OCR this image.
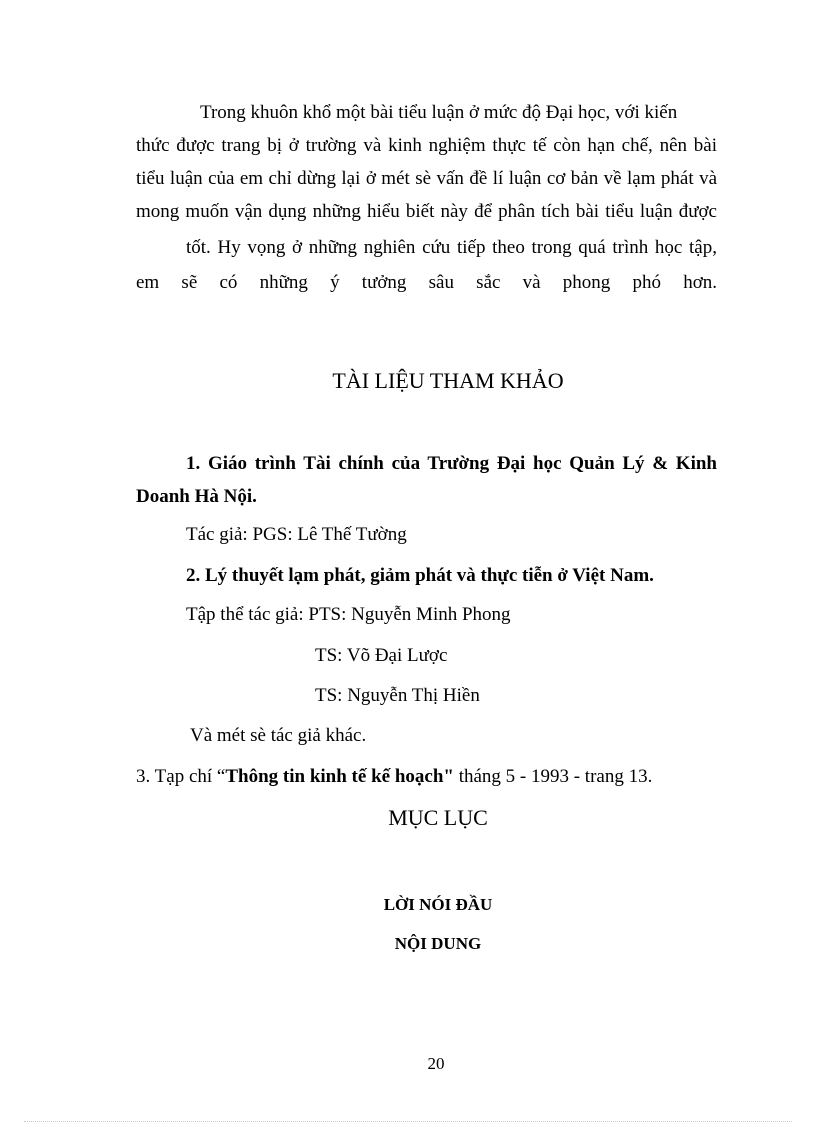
Trong khuôn khổ một bài tiểu luận ở mức độ Đại học, với kiến
thức được trang bị ở trường và kinh nghiệm thực tế còn hạn chế, nên bài
tiểu luận của em chỉ dừng lại ở mét sè vấn đề lí luận cơ bản về lạm phát và
mong muốn vận dụng những hiểu biết này để phân tích bài tiểu luận được
tốt. Hy vọng ở những nghiên cứu tiếp theo trong quá trình học tập,
em sẽ có những ý tưởng sâu sắc và phong phó hơn.
TÀI LIỆU THAM KHẢO
1. Giáo trình Tài chính của Trường Đại học Quản Lý & Kinh
Doanh Hà Nội.
Tác giả: PGS: Lê Thế Tường
2. Lý thuyết lạm phát, giảm phát và thực tiễn ở Việt Nam.
Tập thể tác giả: PTS: Nguyễn Minh Phong
TS: Võ Đại Lược
TS: Nguyễn Thị Hiền
Và mét sè tác giả khác.
3. Tạp chí “Thông tin kinh tế kế hoạch" tháng 5 - 1993 - trang 13.
MỤC LỤC
LỜI NÓI ĐẦU
NỘI DUNG
20
